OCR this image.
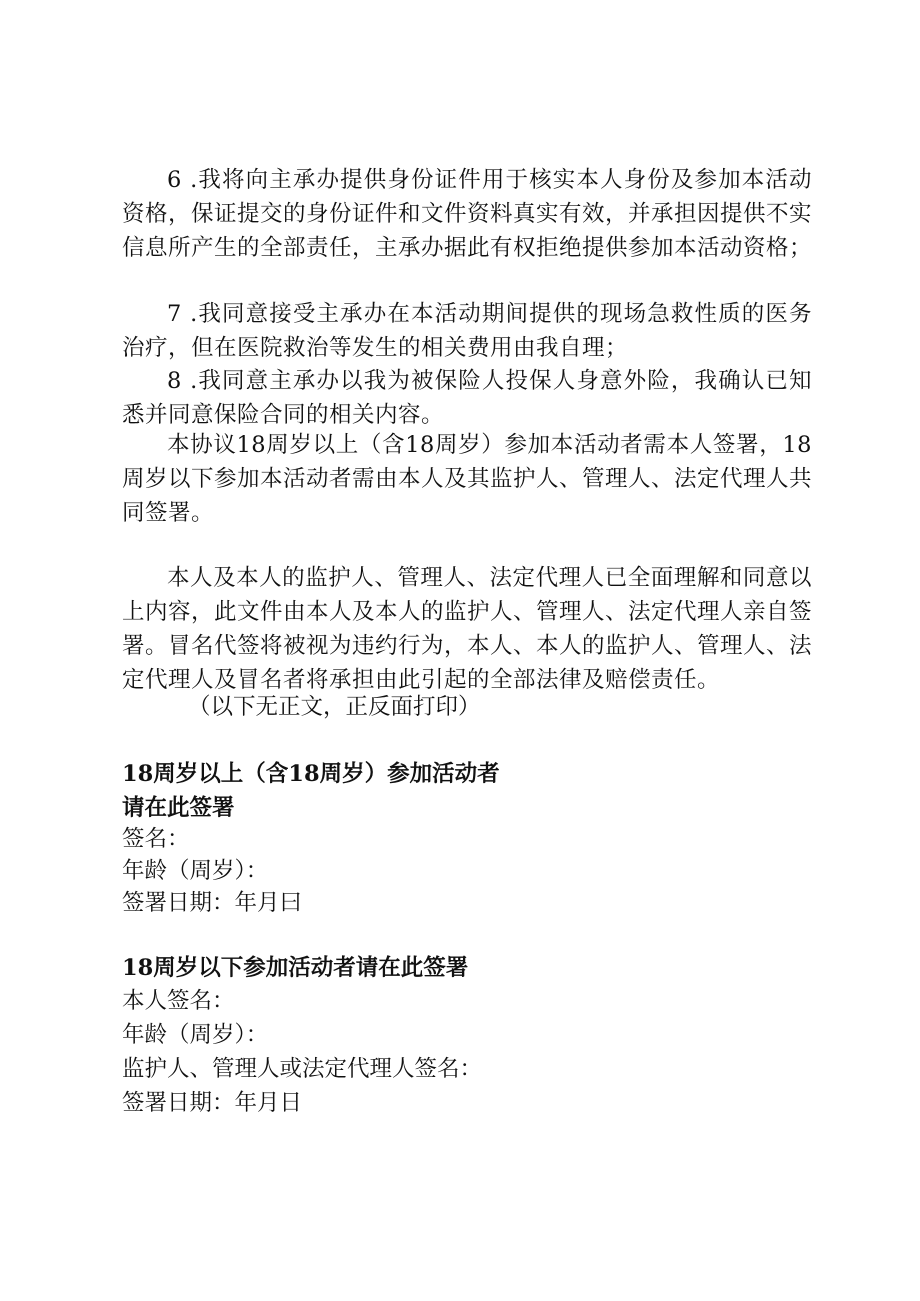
6 .我将向主承办提供身份证件用于核实本人身份及参加本活动资格，保证提交的身份证件和文件资料真实有效，并承担因提供不实信息所产生的全部责任，主承办据此有权拒绝提供参加本活动资格；

7 .我同意接受主承办在本活动期间提供的现场急救性质的医务治疗，但在医院救治等发生的相关费用由我自理；

8 .我同意主承办以我为被保险人投保人身意外险，我确认已知悉并同意保险合同的相关内容。

本协议18周岁以上（含18周岁）参加本活动者需本人签署，18周岁以下参加本活动者需由本人及其监护人、管理人、法定代理人共同签署。

本人及本人的监护人、管理人、法定代理人已全面理解和同意以上内容，此文件由本人及本人的监护人、管理人、法定代理人亲自签署。冒名代签将被视为违约行为，本人、本人的监护人、管理人、法定代理人及冒名者将承担由此引起的全部法律及赔偿责任。

（以下无正文，正反面打印）

18周岁以上（含18周岁）参加活动者

请在此签署

签名：

年龄（周岁）：

签署日期：年月曰

18周岁以下参加活动者请在此签署

本人签名：

年龄（周岁）：

监护人、管理人或法定代理人签名：

签署日期：年月日
